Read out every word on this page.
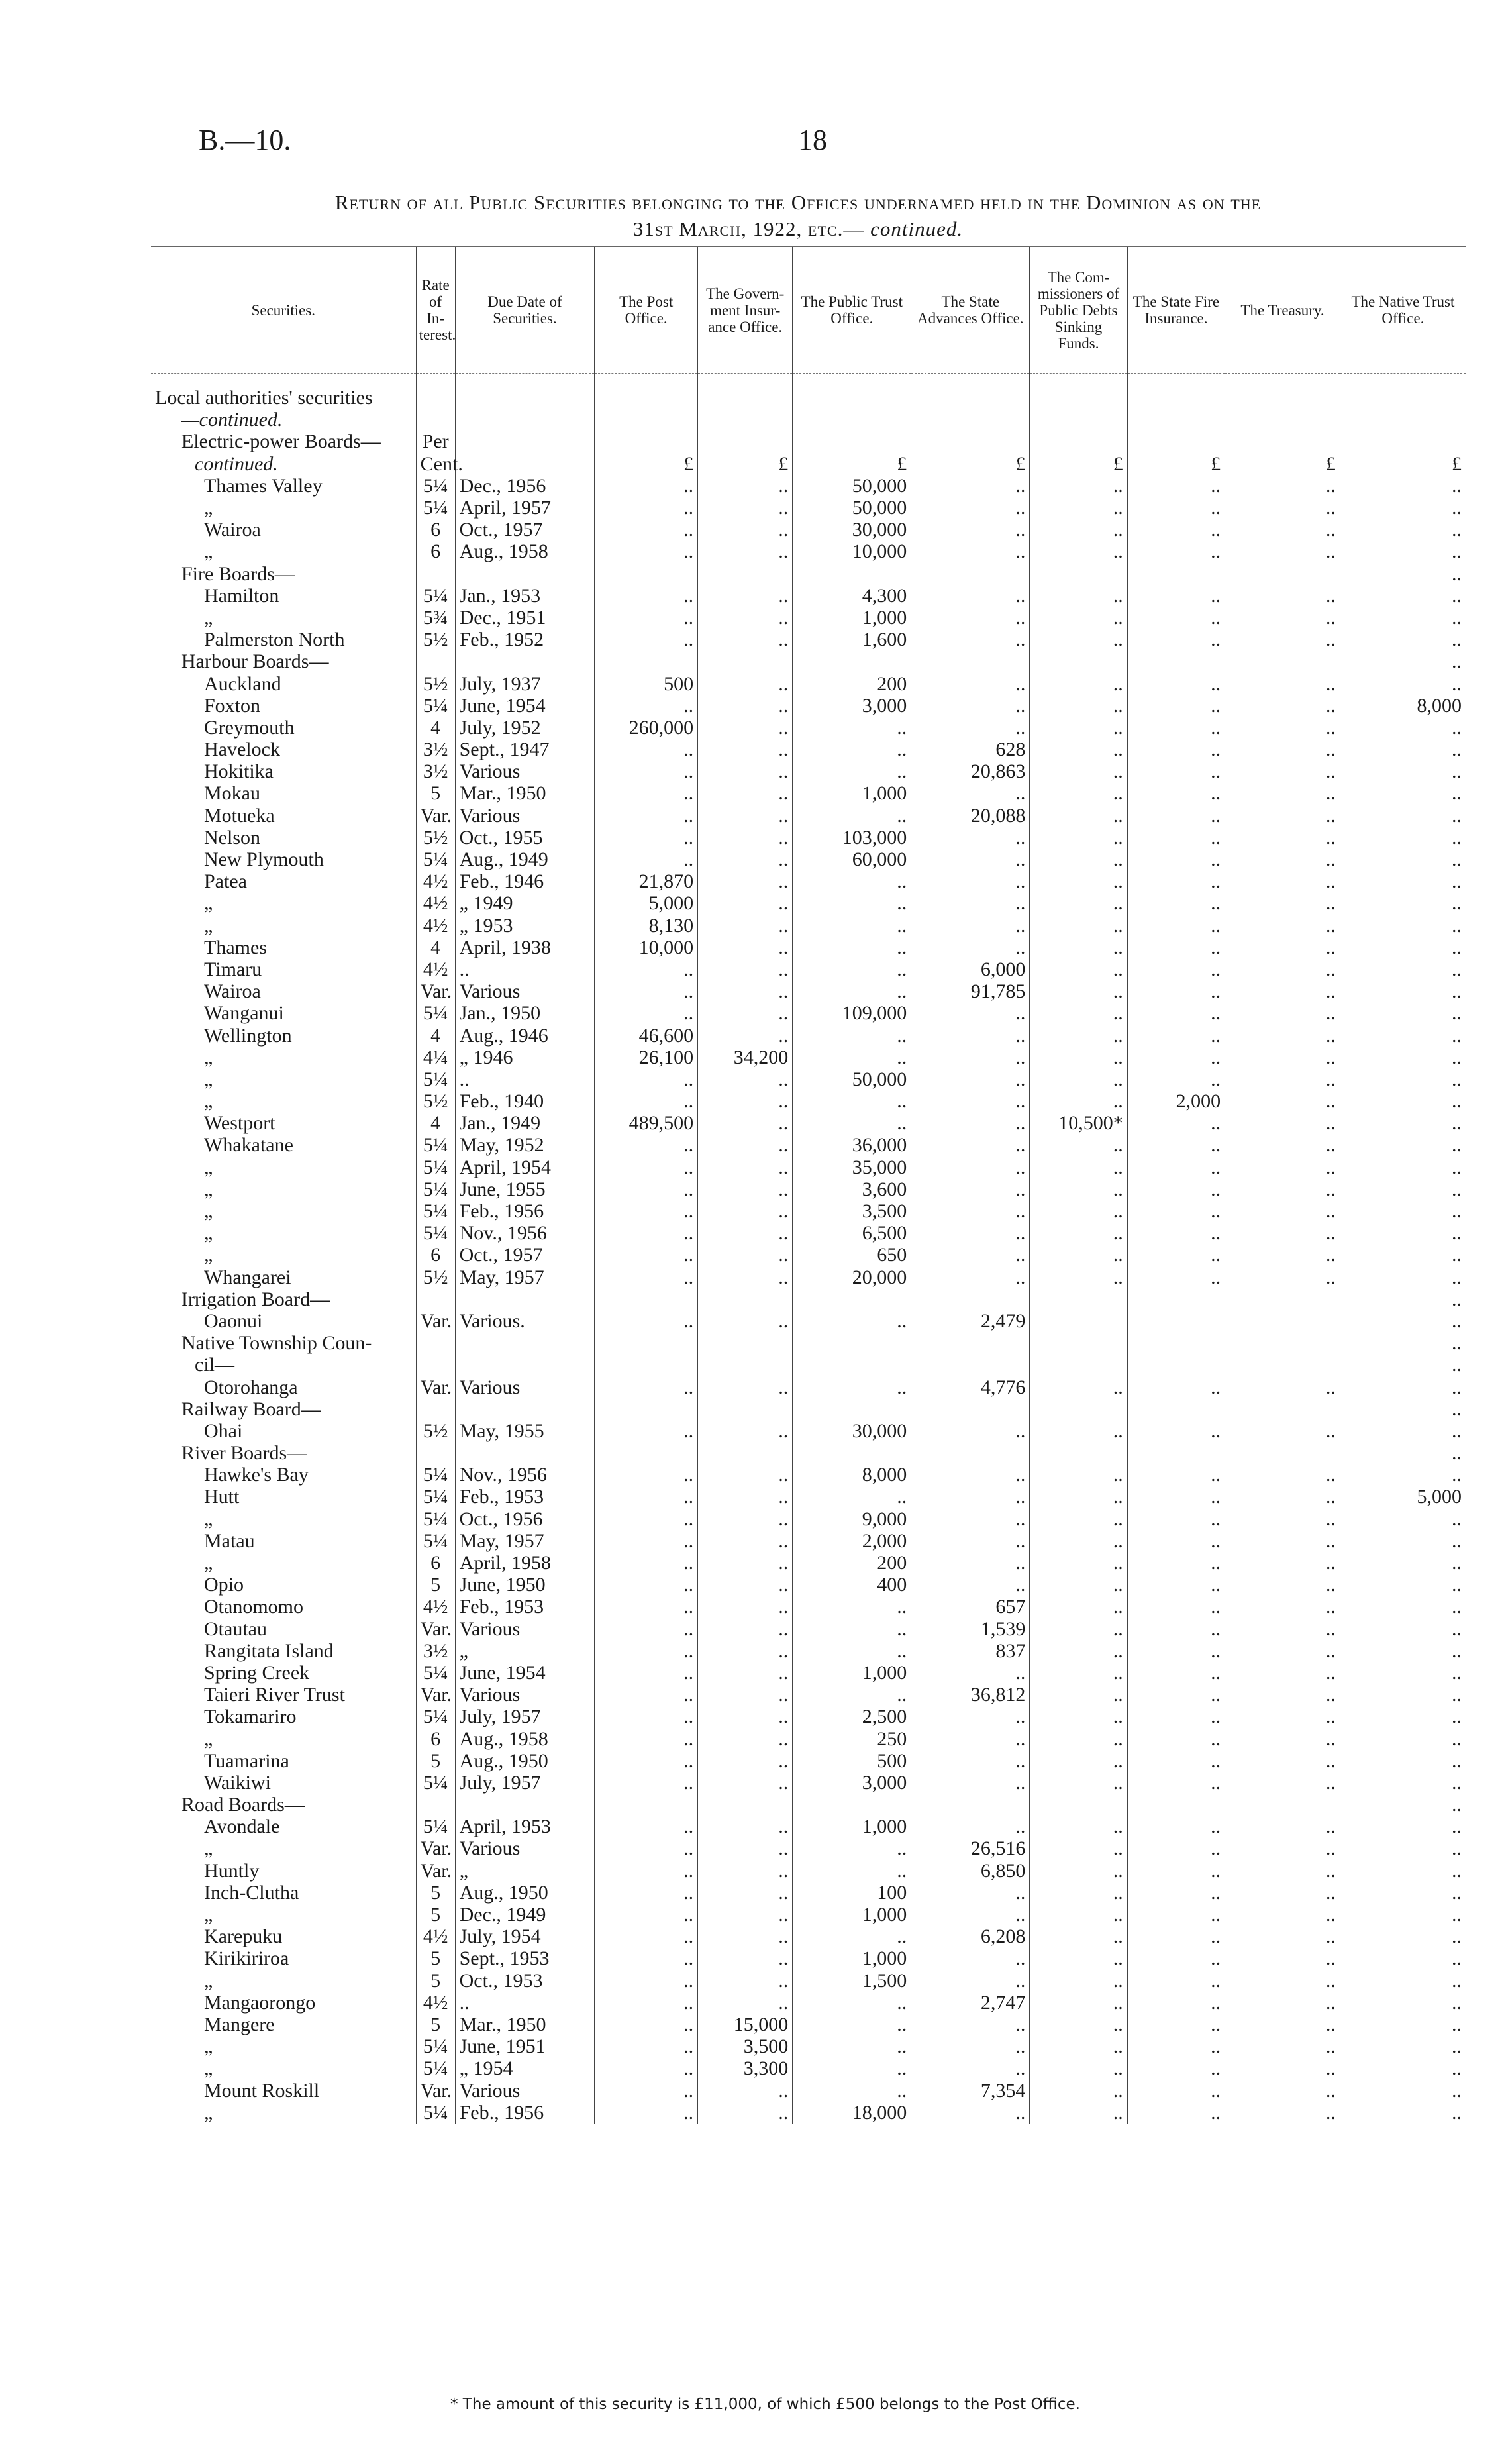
B.—10.	18
Return of all Public Securities belonging to the Offices undernamed held in the Dominion as on the
31st March, 1922, etc.— continued.
Securities.	Rate of In-terest.	Due Date of Securities.	The Post Office.	The Govern-ment Insur-ance Office.	The Public Trust Office.	The State Advances Office.	The Com-missioners of Public Debts Sinking Funds.	The State Fire Insurance.	The Treasury.	The Native Trust Office.
Local authorities' securities										
—continued.										
Electric-power Boards—	Per									
continued.	Cent.		£	£	£	£	£	£	£	£
Thames Valley	5¼	Dec., 1956	..	..	50,000	..	..	..	..	..
„	5¼	April, 1957	..	..	50,000	..	..	..	..	..
Wairoa	6	Oct., 1957	..	..	30,000	..	..	..	..	..
„	6	Aug., 1958	..	..	10,000	..	..	..	..	..
Fire Boards—										..
Hamilton	5¼	Jan., 1953	..	..	4,300	..	..	..	..	..
„	5¾	Dec., 1951	..	..	1,000	..	..	..	..	..
Palmerston North	5½	Feb., 1952	..	..	1,600	..	..	..	..	..
Harbour Boards—										..
Auckland	5½	July, 1937	500	..	200	..	..	..	..	..
Foxton	5¼	June, 1954	..	..	3,000	..	..	..	..	8,000
Greymouth	4	July, 1952	260,000	..	..	..	..	..	..	..
Havelock	3½	Sept., 1947	..	..	..	628	..	..	..	..
Hokitika	3½	Various	..	..	..	20,863	..	..	..	..
Mokau	5	Mar., 1950	..	..	1,000	..	..	..	..	..
Motueka	Var.	Various	..	..	..	20,088	..	..	..	..
Nelson	5½	Oct., 1955	..	..	103,000	..	..	..	..	..
New Plymouth	5¼	Aug., 1949	..	..	60,000	..	..	..	..	..
Patea	4½	Feb., 1946	21,870	..	..	..	..	..	..	..
„	4½	„ 1949	5,000	..	..	..	..	..	..	..
„	4½	„ 1953	8,130	..	..	..	..	..	..	..
Thames	4	April, 1938	10,000	..	..	..	..	..	..	..
Timaru	4½	..	..	..	..	6,000	..	..	..	..
Wairoa	Var.	Various	..	..	..	91,785	..	..	..	..
Wanganui	5¼	Jan., 1950	..	..	109,000	..	..	..	..	..
Wellington	4	Aug., 1946	46,600	..	..	..	..	..	..	..
„	4¼	„ 1946	26,100	34,200	..	..	..	..	..	..
„	5¼	..	..	..	50,000	..	..	..	..	..
„	5½	Feb., 1940	..	..	..	..	..	2,000	..	..
Westport	4	Jan., 1949	489,500	..	..	..	10,500*	..	..	..
Whakatane	5¼	May, 1952	..	..	36,000	..	..	..	..	..
„	5¼	April, 1954	..	..	35,000	..	..	..	..	..
„	5¼	June, 1955	..	..	3,600	..	..	..	..	..
„	5¼	Feb., 1956	..	..	3,500	..	..	..	..	..
„	5¼	Nov., 1956	..	..	6,500	..	..	..	..	..
„	6	Oct., 1957	..	..	650	..	..	..	..	..
Whangarei	5½	May, 1957	..	..	20,000	..	..	..	..	..
Irrigation Board—										..
Oaonui	Var.	Various.	..	..	..	2,479				..
Native Township Coun-										..
cil—										..
Otorohanga	Var.	Various	..	..	..	4,776	..	..	..	..
Railway Board—										..
Ohai	5½	May, 1955	..	..	30,000	..	..	..	..	..
River Boards—										..
Hawke's Bay	5¼	Nov., 1956	..	..	8,000	..	..	..	..	..
Hutt	5¼	Feb., 1953	..	..	..	..	..	..	..	5,000
„	5¼	Oct., 1956	..	..	9,000	..	..	..	..	..
Matau	5¼	May, 1957	..	..	2,000	..	..	..	..	..
„	6	April, 1958	..	..	200	..	..	..	..	..
Opio	5	June, 1950	..	..	400	..	..	..	..	..
Otanomomo	4½	Feb., 1953	..	..	..	657	..	..	..	..
Otautau	Var.	Various	..	..	..	1,539	..	..	..	..
Rangitata Island	3½	„	..	..	..	837	..	..	..	..
Spring Creek	5¼	June, 1954	..	..	1,000	..	..	..	..	..
Taieri River Trust	Var.	Various	..	..	..	36,812	..	..	..	..
Tokamariro	5¼	July, 1957	..	..	2,500	..	..	..	..	..
„	6	Aug., 1958	..	..	250	..	..	..	..	..
Tuamarina	5	Aug., 1950	..	..	500	..	..	..	..	..
Waikiwi	5¼	July, 1957	..	..	3,000	..	..	..	..	..
Road Boards—										..
Avondale	5¼	April, 1953	..	..	1,000	..	..	..	..	..
„	Var.	Various	..	..	..	26,516	..	..	..	..
Huntly	Var.	„	..	..	..	6,850	..	..	..	..
Inch-Clutha	5	Aug., 1950	..	..	100	..	..	..	..	..
„	5	Dec., 1949	..	..	1,000	..	..	..	..	..
Karepuku	4½	July, 1954	..	..	..	6,208	..	..	..	..
Kirikiriroa	5	Sept., 1953	..	..	1,000	..	..	..	..	..
„	5	Oct., 1953	..	..	1,500	..	..	..	..	..
Mangaorongo	4½	..	..	..	..	2,747	..	..	..	..
Mangere	5	Mar., 1950	..	15,000	..	..	..	..	..	..
„	5¼	June, 1951	..	3,500	..	..	..	..	..	..
„	5¼	„ 1954	..	3,300	..	..	..	..	..	..
Mount Roskill	Var.	Various	..	..	..	7,354	..	..	..	..
„	5¼	Feb., 1956	..	..	18,000	..	..	..	..	..
* The amount of this security is £11,000, of which £500 belongs to the Post Office.
